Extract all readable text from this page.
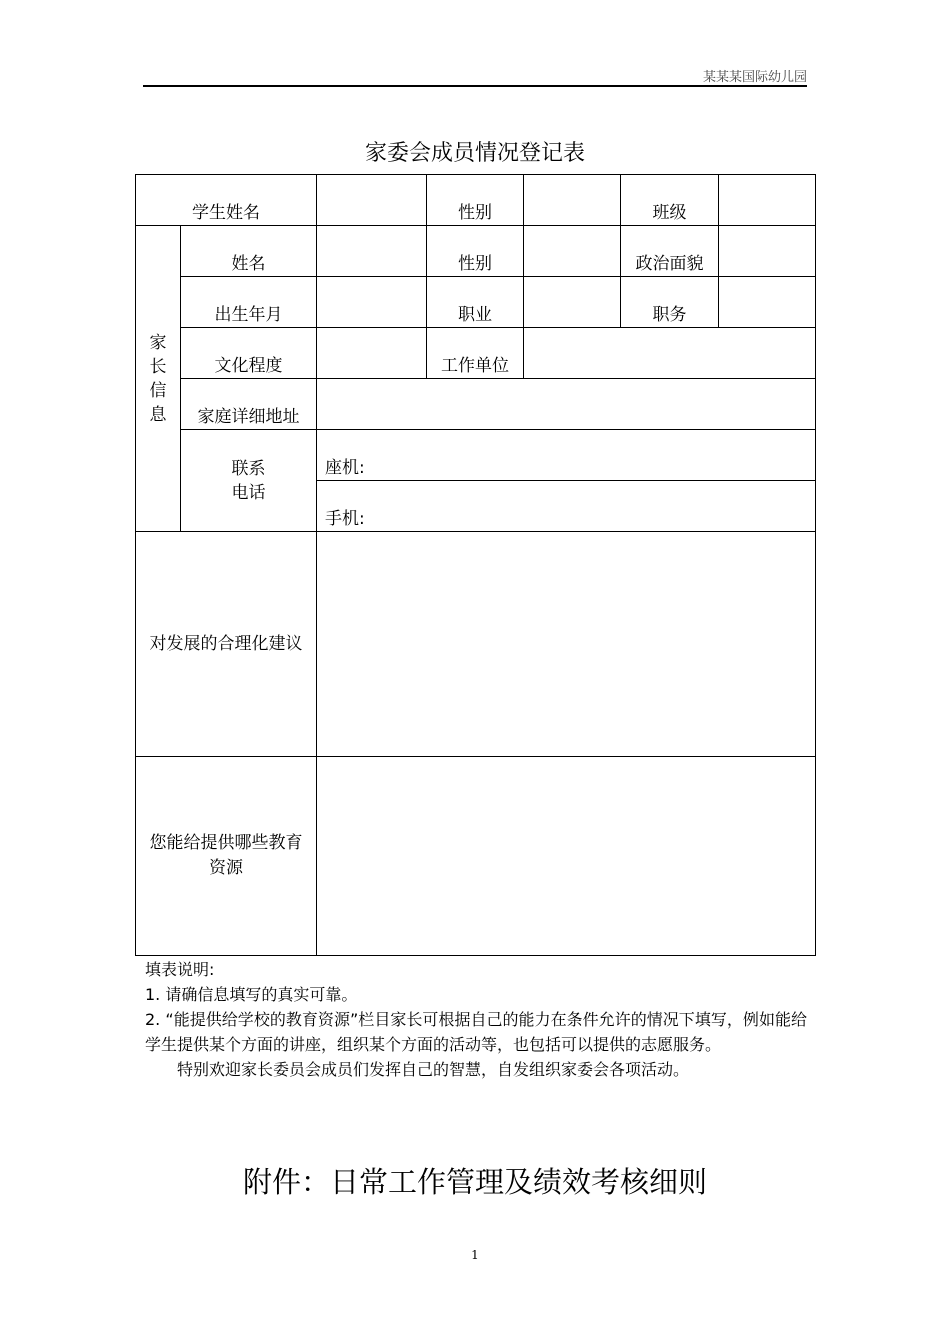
某某某国际幼儿园
家委会成员情况登记表
学生姓名			性别		班级	
家长信息	姓名		性别		政治面貌	
	出生年月		职业		职务	
	文化程度		工作单位			
	家庭详细地址					

	联系
电话	座机:				
		手机:				

对发展的合理化建议						

您能给提供哪些教育资源						

填表说明:

1. 请确信息填写的真实可靠。

2. “能提供给学校的教育资源”栏目家长可根据自己的能力在条件允许的情况下填写，例如能给学生提供某个方面的讲座，组织某个方面的活动等，也包括可以提供的志愿服务。

特别欢迎家长委员会成员们发挥自己的智慧，自发组织家委会各项活动。

附件：日常工作管理及绩效考核细则
1
